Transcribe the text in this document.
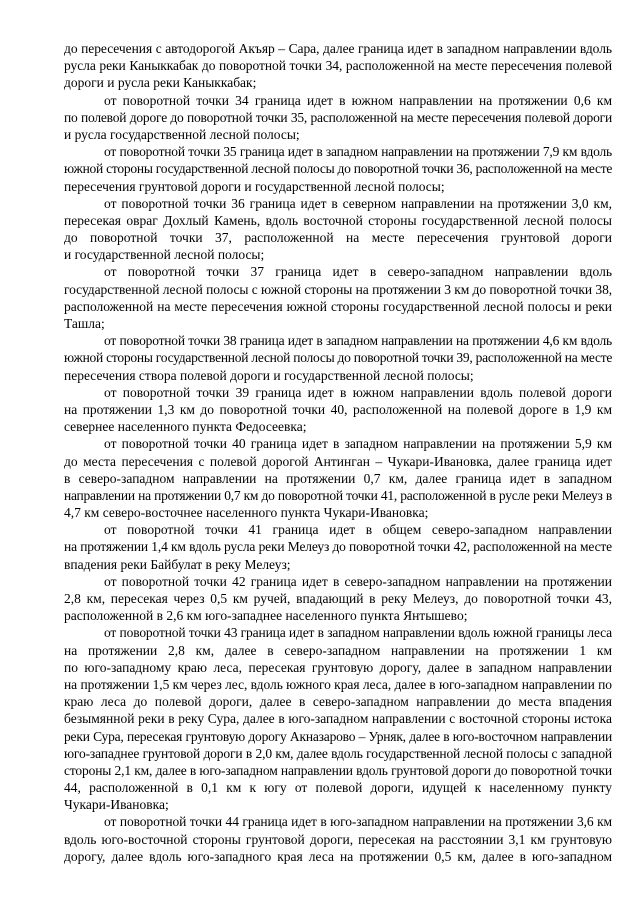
до пересечения с автодорогой Акъяр – Сара, далее граница идет в западном направлении вдоль
русла реки Каныккабак до поворотной точки 34, расположенной на месте пересечения полевой
дороги и русла реки Каныккабак;
от поворотной точки 34 граница идет в южном направлении на протяжении 0,6 км
по полевой дороге до поворотной точки 35, расположенной на месте пересечения полевой дороги
и русла государственной лесной полосы;
от поворотной точки 35 граница идет в западном направлении на протяжении 7,9 км вдоль
южной стороны государственной лесной полосы до поворотной точки 36, расположенной на месте
пересечения грунтовой дороги и государственной лесной полосы;
от поворотной точки 36 граница идет в северном направлении на протяжении 3,0 км,
пересекая овраг Дохлый Камень, вдоль восточной стороны государственной лесной полосы
до поворотной точки 37, расположенной на месте пересечения грунтовой дороги
и государственной лесной полосы;
от поворотной точки 37 граница идет в северо-западном направлении вдоль
государственной лесной полосы с южной стороны на протяжении 3 км до поворотной точки 38,
расположенной на месте пересечения южной стороны государственной лесной полосы и реки
Ташла;
от поворотной точки 38 граница идет в западном направлении на протяжении 4,6 км вдоль
южной стороны государственной лесной полосы до поворотной точки 39, расположенной на месте
пересечения створа полевой дороги и государственной лесной полосы;
от поворотной точки 39 граница идет в южном направлении вдоль полевой дороги
на протяжении 1,3 км до поворотной точки 40, расположенной на полевой дороге в 1,9 км
севернее населенного пункта Федосеевка;
от поворотной точки 40 граница идет в западном направлении на протяжении 5,9 км
до места пересечения с полевой дорогой Антинган – Чукари-Ивановка, далее граница идет
в северо-западном направлении на протяжении 0,7 км, далее граница идет в западном
направлении на протяжении 0,7 км до поворотной точки 41, расположенной в русле реки Мелеуз в
4,7 км северо-восточнее населенного пункта Чукари-Ивановка;
от поворотной точки 41 граница идет в общем северо-западном направлении
на протяжении 1,4 км вдоль русла реки Мелеуз до поворотной точки 42, расположенной на месте
впадения реки Байбулат в реку Мелеуз;
от поворотной точки 42 граница идет в северо-западном направлении на протяжении
2,8 км, пересекая через 0,5 км ручей, впадающий в реку Мелеуз, до поворотной точки 43,
расположенной в 2,6 км юго-западнее населенного пункта Янтышево;
от поворотной точки 43 граница идет в западном направлении вдоль южной границы леса
на протяжении 2,8 км, далее в северо-западном направлении на протяжении 1 км
по юго-западному краю леса, пересекая грунтовую дорогу, далее в западном направлении
на протяжении 1,5 км через лес, вдоль южного края леса, далее в юго-западном направлении по
краю леса до полевой дороги, далее в северо-западном направлении до места впадения
безымянной реки в реку Сура, далее в юго-западном направлении с восточной стороны истока
реки Сура, пересекая грунтовую дорогу Акназарово – Урняк, далее в юго-восточном направлении
юго-западнее грунтовой дороги в 2,0 км, далее вдоль государственной лесной полосы с западной
стороны 2,1 км, далее в юго-западном направлении вдоль грунтовой дороги до поворотной точки
44, расположенной в 0,1 км к югу от полевой дороги, идущей к населенному пункту
Чукари-Ивановка;
от поворотной точки 44 граница идет в юго-западном направлении на протяжении 3,6 км
вдоль юго-восточной стороны грунтовой дороги, пересекая на расстоянии 3,1 км грунтовую
дорогу, далее вдоль юго-западного края леса на протяжении 0,5 км, далее в юго-западном
